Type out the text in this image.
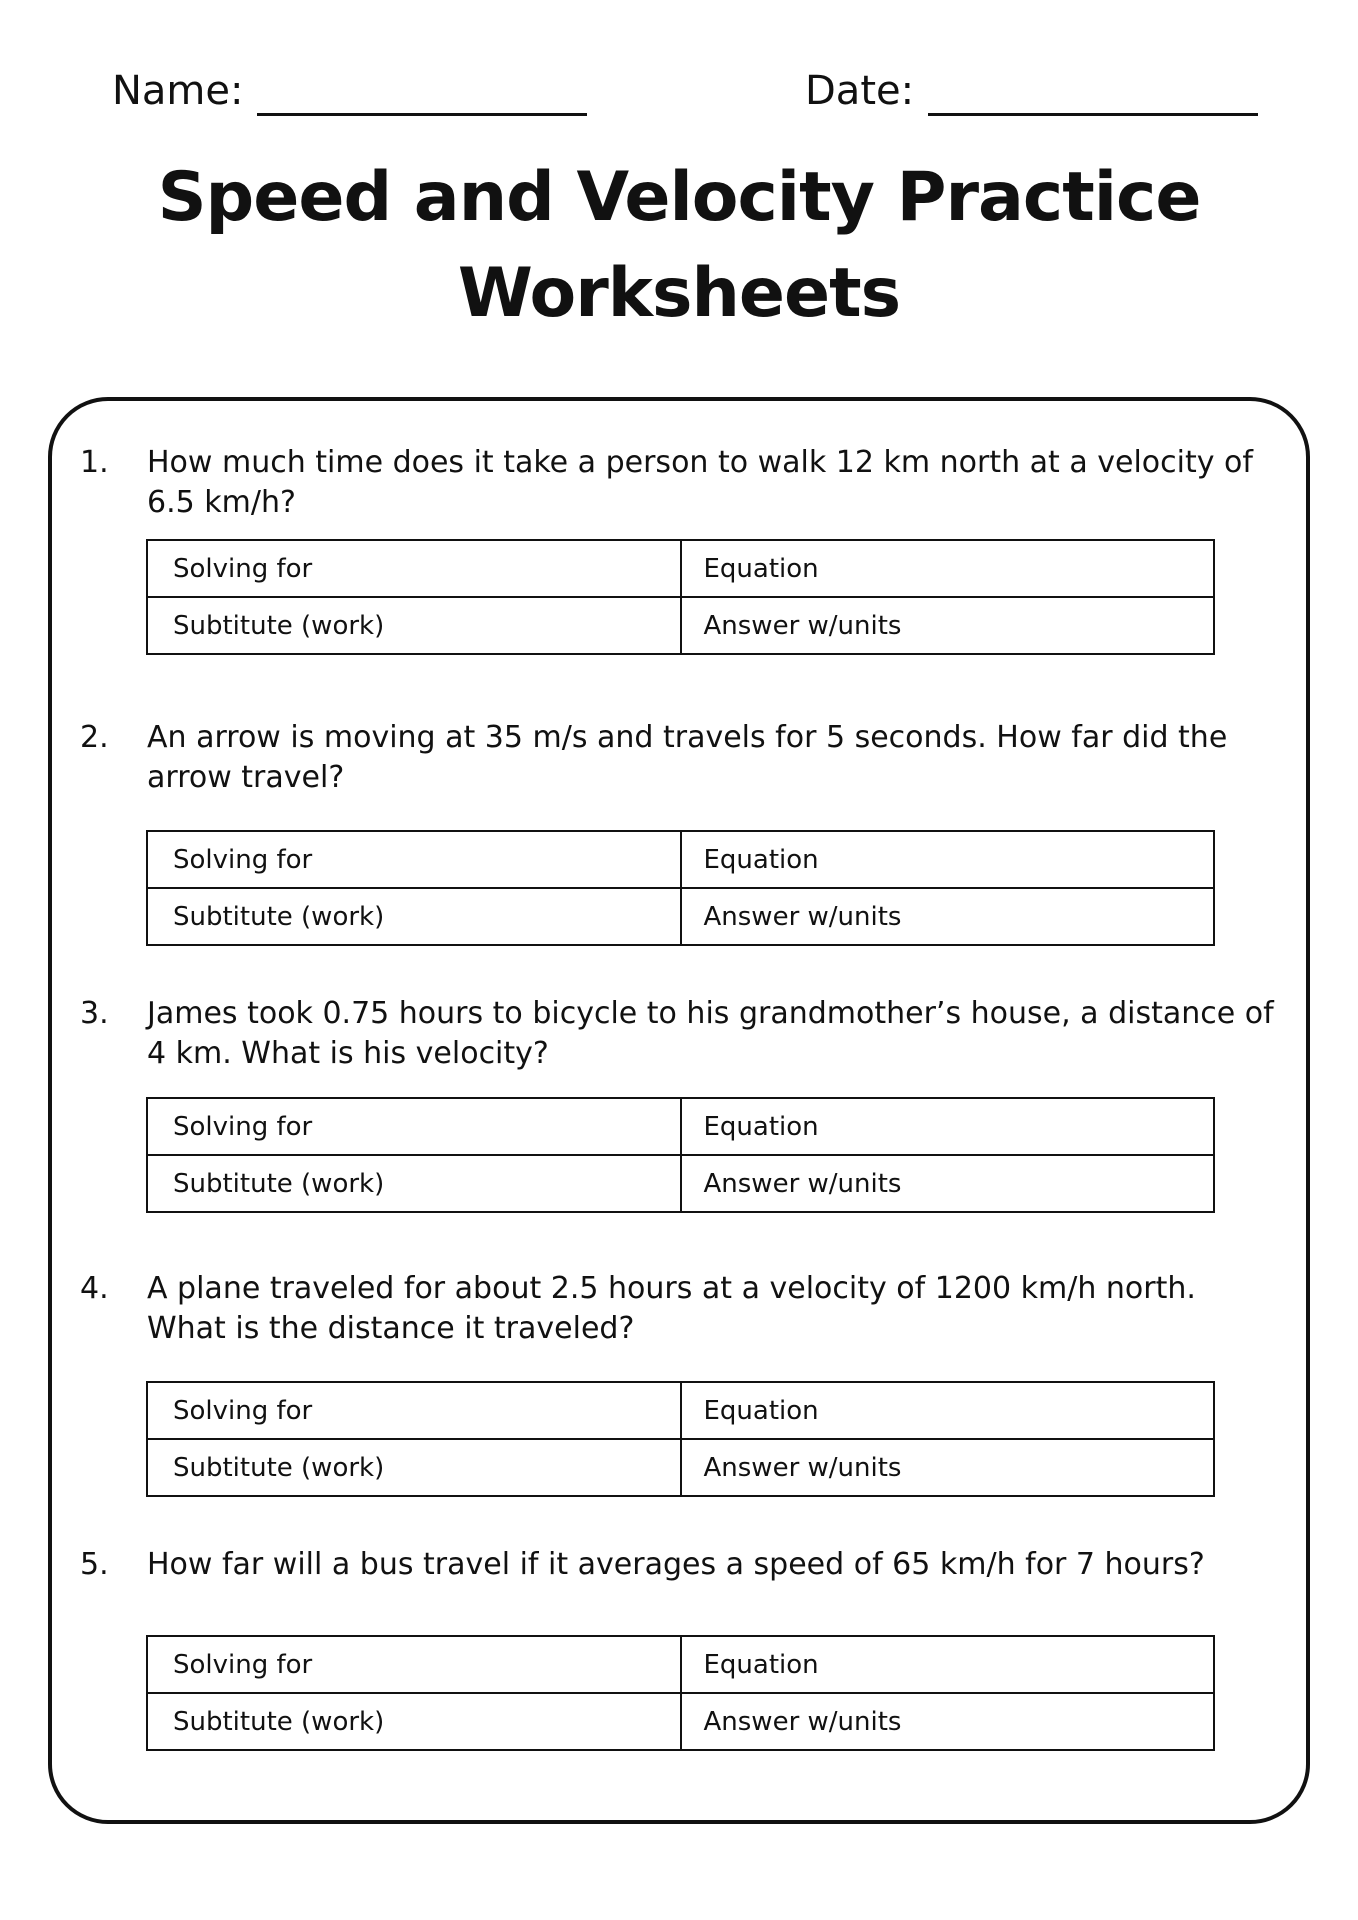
Name:	Date:
Speed and Velocity Practice
Worksheets
1.	How much time does it take a person to walk 12 km north at a velocity of 6.5 km/h?
Solving for	Equation
Subtitute (work)	Answer w/units
2.	An arrow is moving at 35 m/s and travels for 5 seconds. How far did the arrow travel?
Solving for	Equation
Subtitute (work)	Answer w/units
3.	James took 0.75 hours to bicycle to his grandmother’s house, a distance of 4 km. What is his velocity?
Solving for	Equation
Subtitute (work)	Answer w/units
4.	A plane traveled for about 2.5 hours at a velocity of 1200 km/h north. What is the distance it traveled?
Solving for	Equation
Subtitute (work)	Answer w/units
5.	How far will a bus travel if it averages a speed of 65 km/h for 7 hours?
Solving for	Equation
Subtitute (work)	Answer w/units
